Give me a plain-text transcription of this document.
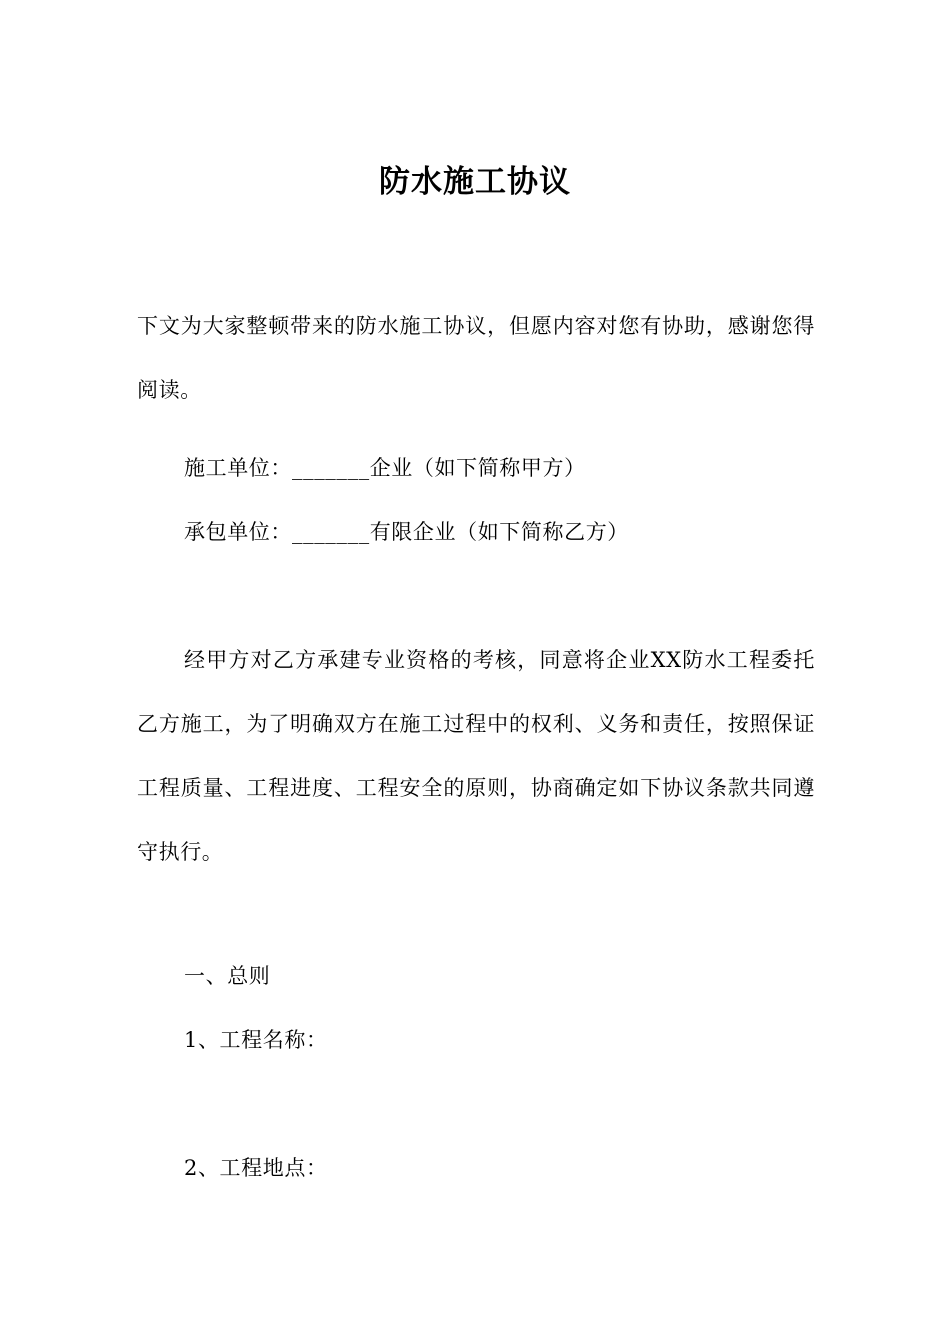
防水施工协议

下文为大家整顿带来的防水施工协议，但愿内容对您有协助，感谢您得阅读。

施工单位：_______企业（如下简称甲方）
承包单位：_______有限企业（如下简称乙方）

经甲方对乙方承建专业资格的考核，同意将企业XX防水工程委托乙方施工，为了明确双方在施工过程中的权利、义务和责任，按照保证工程质量、工程进度、工程安全的原则，协商确定如下协议条款共同遵守执行。

一、总则
1、工程名称：
2、工程地点：
